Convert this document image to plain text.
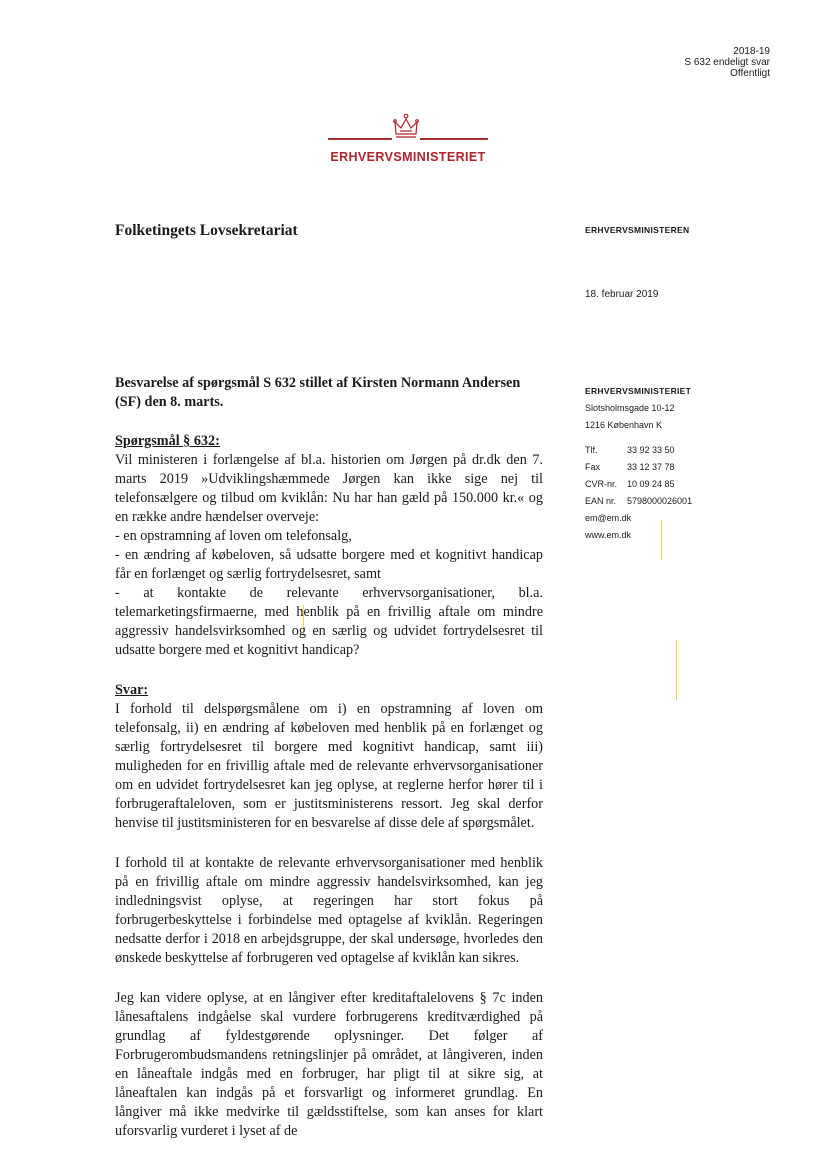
2018-19
S 632 endeligt svar
Offentligt
ERHVERVSMINISTERIET
Folketingets Lovsekretariat	ERHVERVSMINISTEREN
18. februar 2019
ERHVERVSMINISTERIET
Slotsholmsgade 10-12
1216 København K
Tlf.	33 92 33 50
Fax	33 12 37 78
CVR-nr. 10 09 24 85
EAN nr. 5798000026001
em@em.dk
www.em.dk

Besvarelse af spørgsmål S 632 stillet af Kirsten Normann Andersen (SF) den 8. marts.

Spørgsmål § 632:

Vil ministeren i forlængelse af bl.a. historien om Jørgen på dr.dk den 7. marts 2019 »Udviklingshæmmede Jørgen kan ikke sige nej til telefonsælgere og tilbud om kviklån: Nu har han gæld på 150.000 kr.« og en række andre hændelser overveje:

- en opstramning af loven om telefonsalg,

- en ændring af købeloven, så udsatte borgere med et kognitivt handicap får en forlænget og særlig fortrydelsesret, samt

- at kontakte de relevante erhvervsorganisationer, bl.a. telemarketingsfirmaerne, med henblik på en frivillig aftale om mindre aggressiv handelsvirksomhed og en særlig og udvidet fortrydelsesret til udsatte borgere med et kognitivt handicap?

Svar:

I forhold til delspørgsmålene om i) en opstramning af loven om telefonsalg, ii) en ændring af købeloven med henblik på en forlænget og særlig fortrydelsesret til borgere med kognitivt handicap, samt iii) muligheden for en frivillig aftale med de relevante erhvervsorganisationer om en udvidet fortrydelsesret kan jeg oplyse, at reglerne herfor hører til i forbrugeraftaleloven, som er justitsministerens ressort. Jeg skal derfor henvise til justitsministeren for en besvarelse af disse dele af spørgsmålet.

I forhold til at kontakte de relevante erhvervsorganisationer med henblik på en frivillig aftale om mindre aggressiv handelsvirksomhed, kan jeg indledningsvist oplyse, at regeringen har stort fokus på forbrugerbeskyttelse i forbindelse med optagelse af kviklån. Regeringen nedsatte derfor i 2018 en arbejdsgruppe, der skal undersøge, hvorledes den ønskede beskyttelse af forbrugeren ved optagelse af kviklån kan sikres.

Jeg kan videre oplyse, at en långiver efter kreditaftalelovens § 7c inden lånesaftalens indgåelse skal vurdere forbrugerens kreditværdighed på grundlag af fyldestgørende oplysninger. Det følger af Forbrugerombudsmandens retningslinjer på området, at långiveren, inden en låneaftale indgås med en forbruger, har pligt til at sikre sig, at låneaftalen kan indgås på et forsvarligt og informeret grundlag. En långiver må ikke medvirke til gældsstiftelse, som kan anses for klart uforsvarlig vurderet i lyset af de
